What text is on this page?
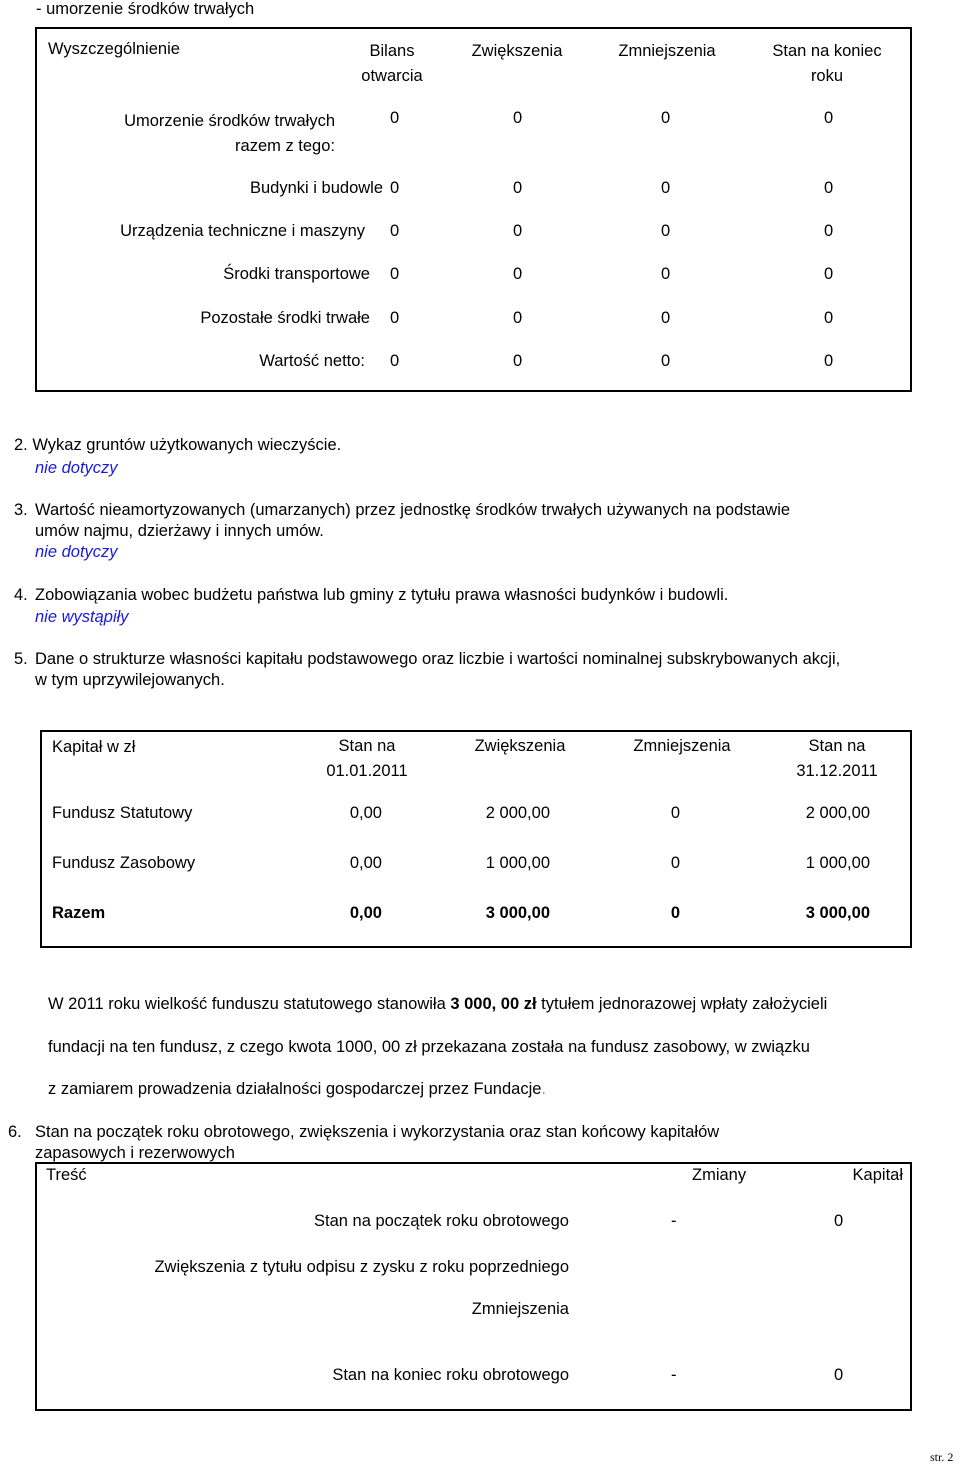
- umorzenie środków trwałych
Wyszczególnienie	Bilans
otwarcia
Zwiększenia	Zmniejszenia	Stan na koniec
roku
Umorzenie środków trwałych
razem z tego:
0	0	0	0
Budynki i budowle 0	0	0	0
Urządzenia techniczne i maszyny 0	0	0	0
Środki transportowe 0	0	0	0
Pozostałe środki trwałe 0	0	0	0
Wartość netto: 0	0	0	0
2. Wykaz gruntów użytkowanych wieczyście.
nie dotyczy
3. Wartość nieamortyzowanych (umarzanych) przez jednostkę środków trwałych używanych na podstawie
umów najmu, dzierżawy i innych umów.
nie dotyczy
4. Zobowiązania wobec budżetu państwa lub gminy z tytułu prawa własności budynków i budowli.
nie wystąpiły
5. Dane o strukturze własności kapitału podstawowego oraz liczbie i wartości nominalnej subskrybowanych akcji,
w tym uprzywilejowanych.
Kapitał w zł	Stan na
01.01.2011
Zwiększenia	Zmniejszenia	Stan na
31.12.2011
Fundusz Statutowy	0,00	2 000,00	0	2 000,00
Fundusz Zasobowy	0,00	1 000,00	0	1 000,00
Razem	0,00	3 000,00	0	3 000,00
W 2011 roku wielkość funduszu statutowego stanowiła 3 000, 00 zł tytułem jednorazowej wpłaty założycieli
fundacji na ten fundusz, z czego kwota 1000, 00 zł przekazana została na fundusz zasobowy, w związku
z zamiarem prowadzenia działalności gospodarczej przez Fundacje.
6. Stan na początek roku obrotowego, zwiększenia i wykorzystania oraz stan końcowy kapitałów
zapasowych i rezerwowych
Treść	Zmiany	Kapitał
Stan na początek roku obrotowego	-	0
Zwiększenia z tytułu odpisu z zysku z roku poprzedniego
Zmniejszenia
Stan na koniec roku obrotowego	-	0
str. 2
